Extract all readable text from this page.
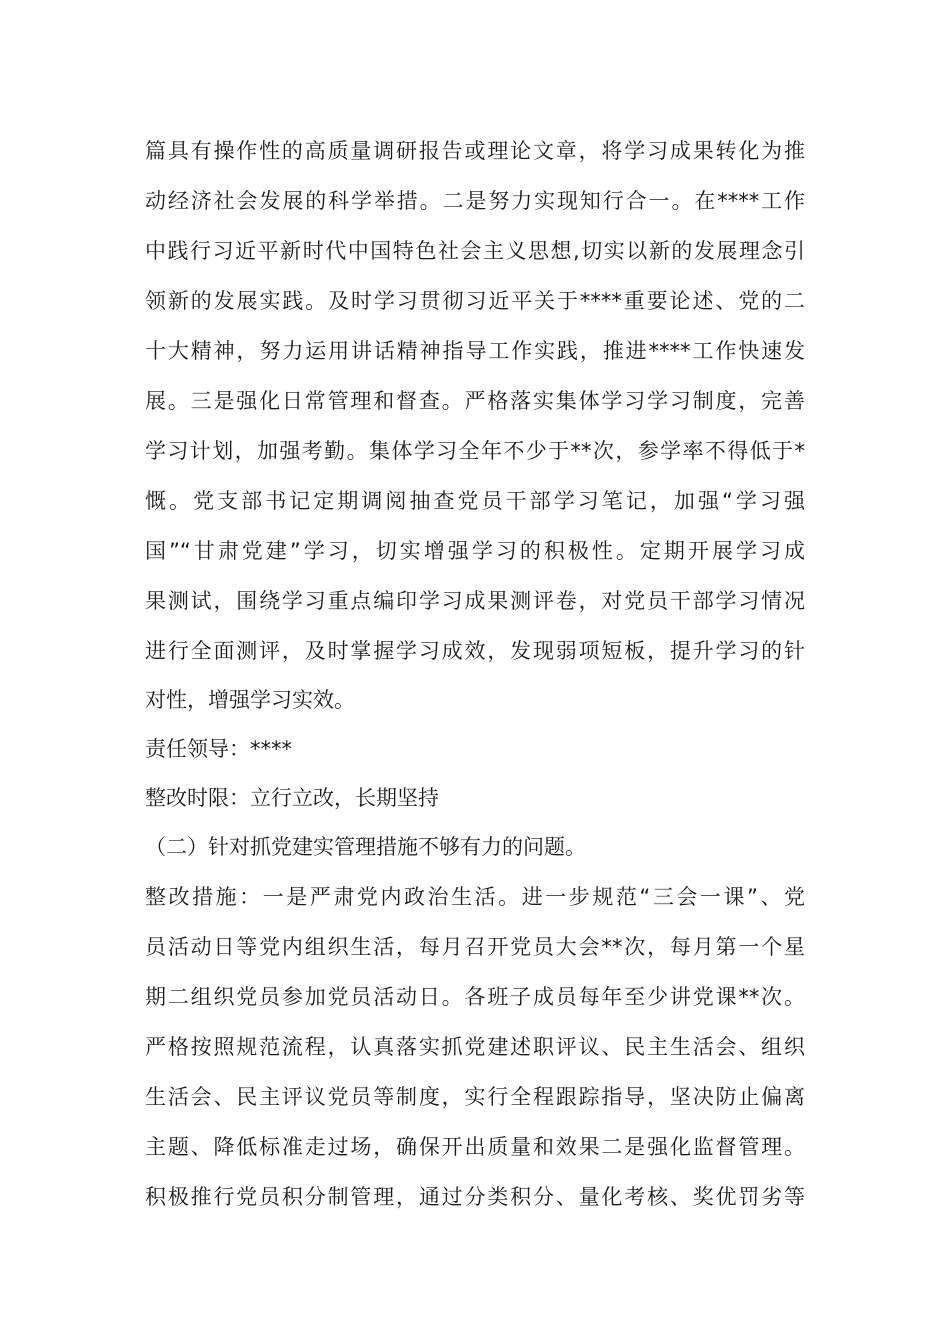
篇具有操作性的高质量调研报告或理论文章，将学习成果转化为推
动经济社会发展的科学举措。二是努力实现知行合一。在****工作
中践行习近平新时代中国特色社会主义思想,切实以新的发展理念引
领新的发展实践。及时学习贯彻习近平关于****重要论述、党的二
十大精神，努力运用讲话精神指导工作实践，推进****工作快速发
展。三是强化日常管理和督查。严格落实集体学习学习制度，完善
学习计划，加强考勤。集体学习全年不少于**次，参学率不得低于*
慨。党支部书记定期调阅抽查党员干部学习笔记，加强“学习强
国”“甘肃党建”学习，切实增强学习的积极性。定期开展学习成
果测试，围绕学习重点编印学习成果测评卷，对党员干部学习情况
进行全面测评，及时掌握学习成效，发现弱项短板，提升学习的针
对性，增强学习实效。
责任领导：****
整改时限：立行立改，长期坚持
（二）针对抓党建实管理措施不够有力的问题。
整改措施：一是严肃党内政治生活。进一步规范“三会一课”、党
员活动日等党内组织生活，每月召开党员大会**次，每月第一个星
期二组织党员参加党员活动日。各班子成员每年至少讲党课**次。
严格按照规范流程，认真落实抓党建述职评议、民主生活会、组织
生活会、民主评议党员等制度，实行全程跟踪指导，坚决防止偏离
主题、降低标准走过场，确保开出质量和效果二是强化监督管理。
积极推行党员积分制管理，通过分类积分、量化考核、奖优罚劣等
